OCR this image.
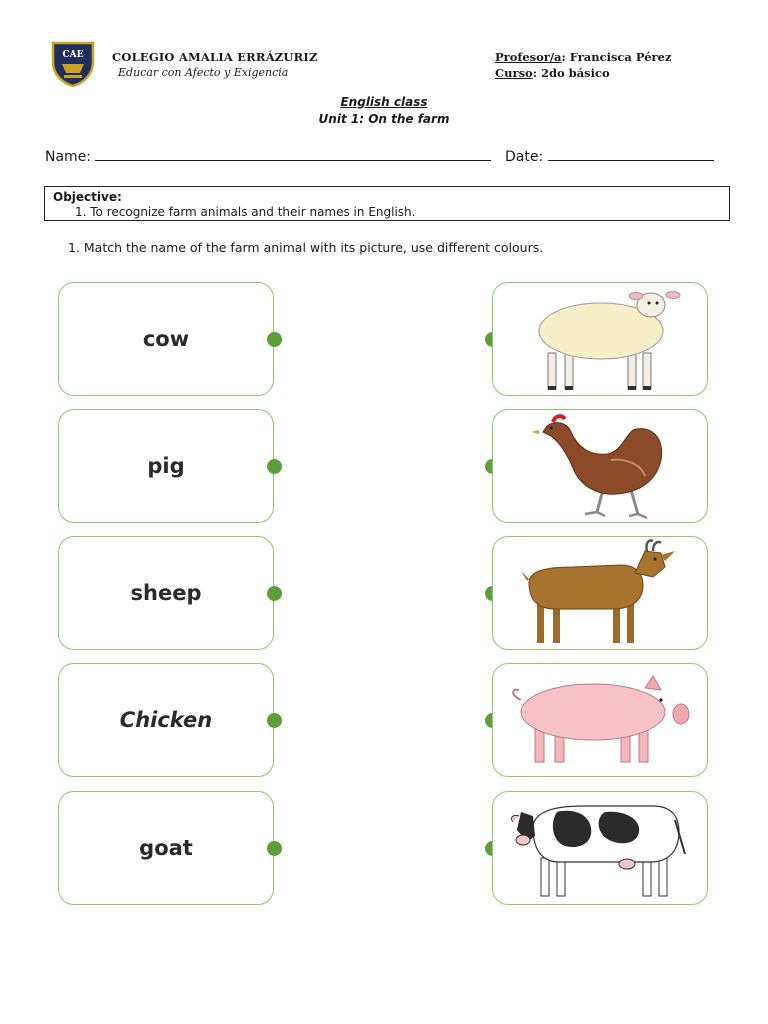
CAE COLEGIO AMALIA ERRÁZURIZ
Educar con Afecto y Exigencia
Profesor/a: Francisca Pérez
Curso: 2do básico
English class
Unit 1: On the farm
Name:	Date:
Objective:
1. To recognize farm animals and their names in English.
1. Match the name of the farm animal with its picture, use different colours.
cow
pig
sheep
Chicken
goat
